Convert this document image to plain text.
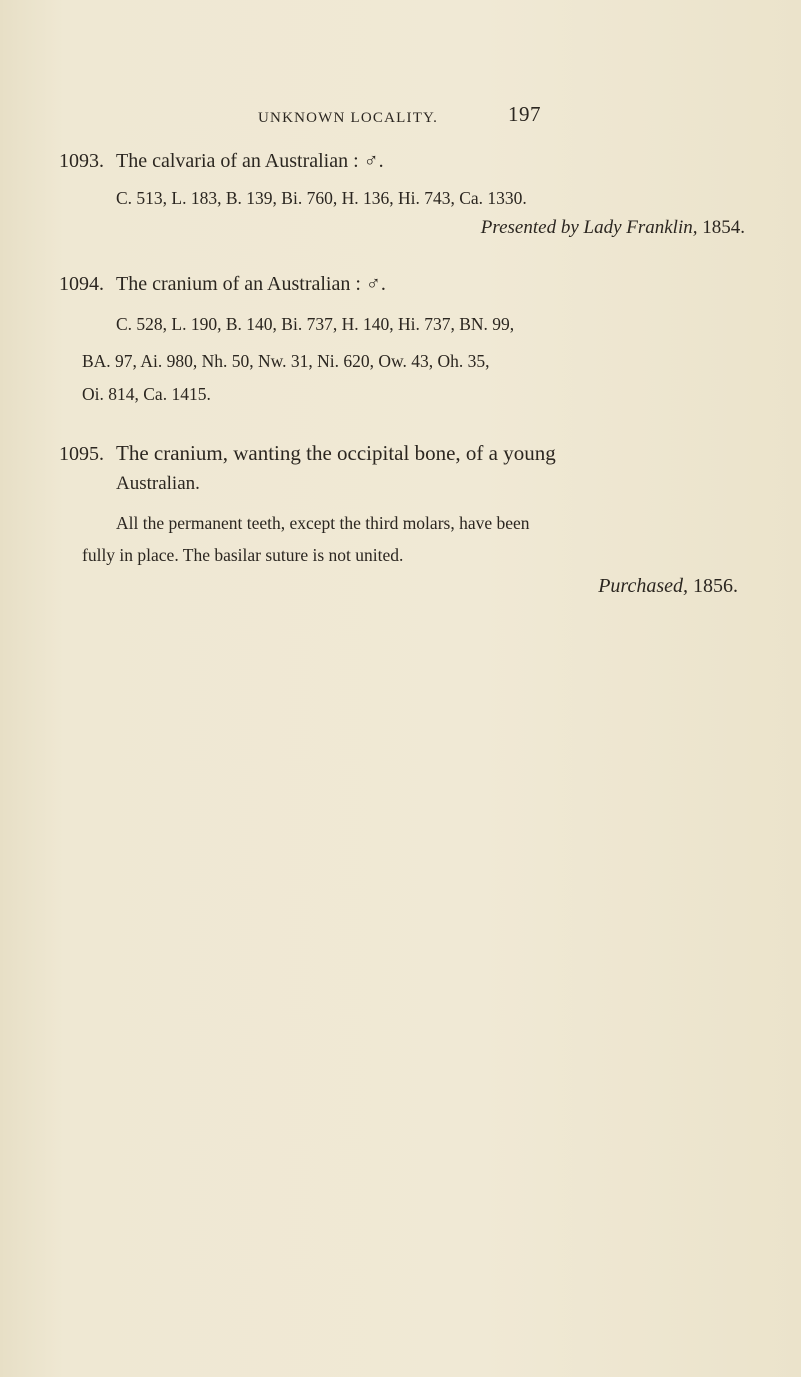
UNKNOWN LOCALITY.	197
1093. The calvaria of an Australian : ♂.
C. 513, L. 183, B. 139, Bi. 760, H. 136, Hi. 743, Ca. 1330.
Presented by Lady Franklin, 1854.
1094. The cranium of an Australian : ♂.
C. 528, L. 190, B. 140, Bi. 737, H. 140, Hi. 737, BN. 99,
BA. 97, Ai. 980, Nh. 50, Nw. 31, Ni. 620, Ow. 43, Oh. 35,
Oi. 814, Ca. 1415.
1095. The cranium, wanting the occipital bone, of a young
Australian.
All the permanent teeth, except the third molars, have been
fully in place. The basilar suture is not united.
Purchased, 1856.
